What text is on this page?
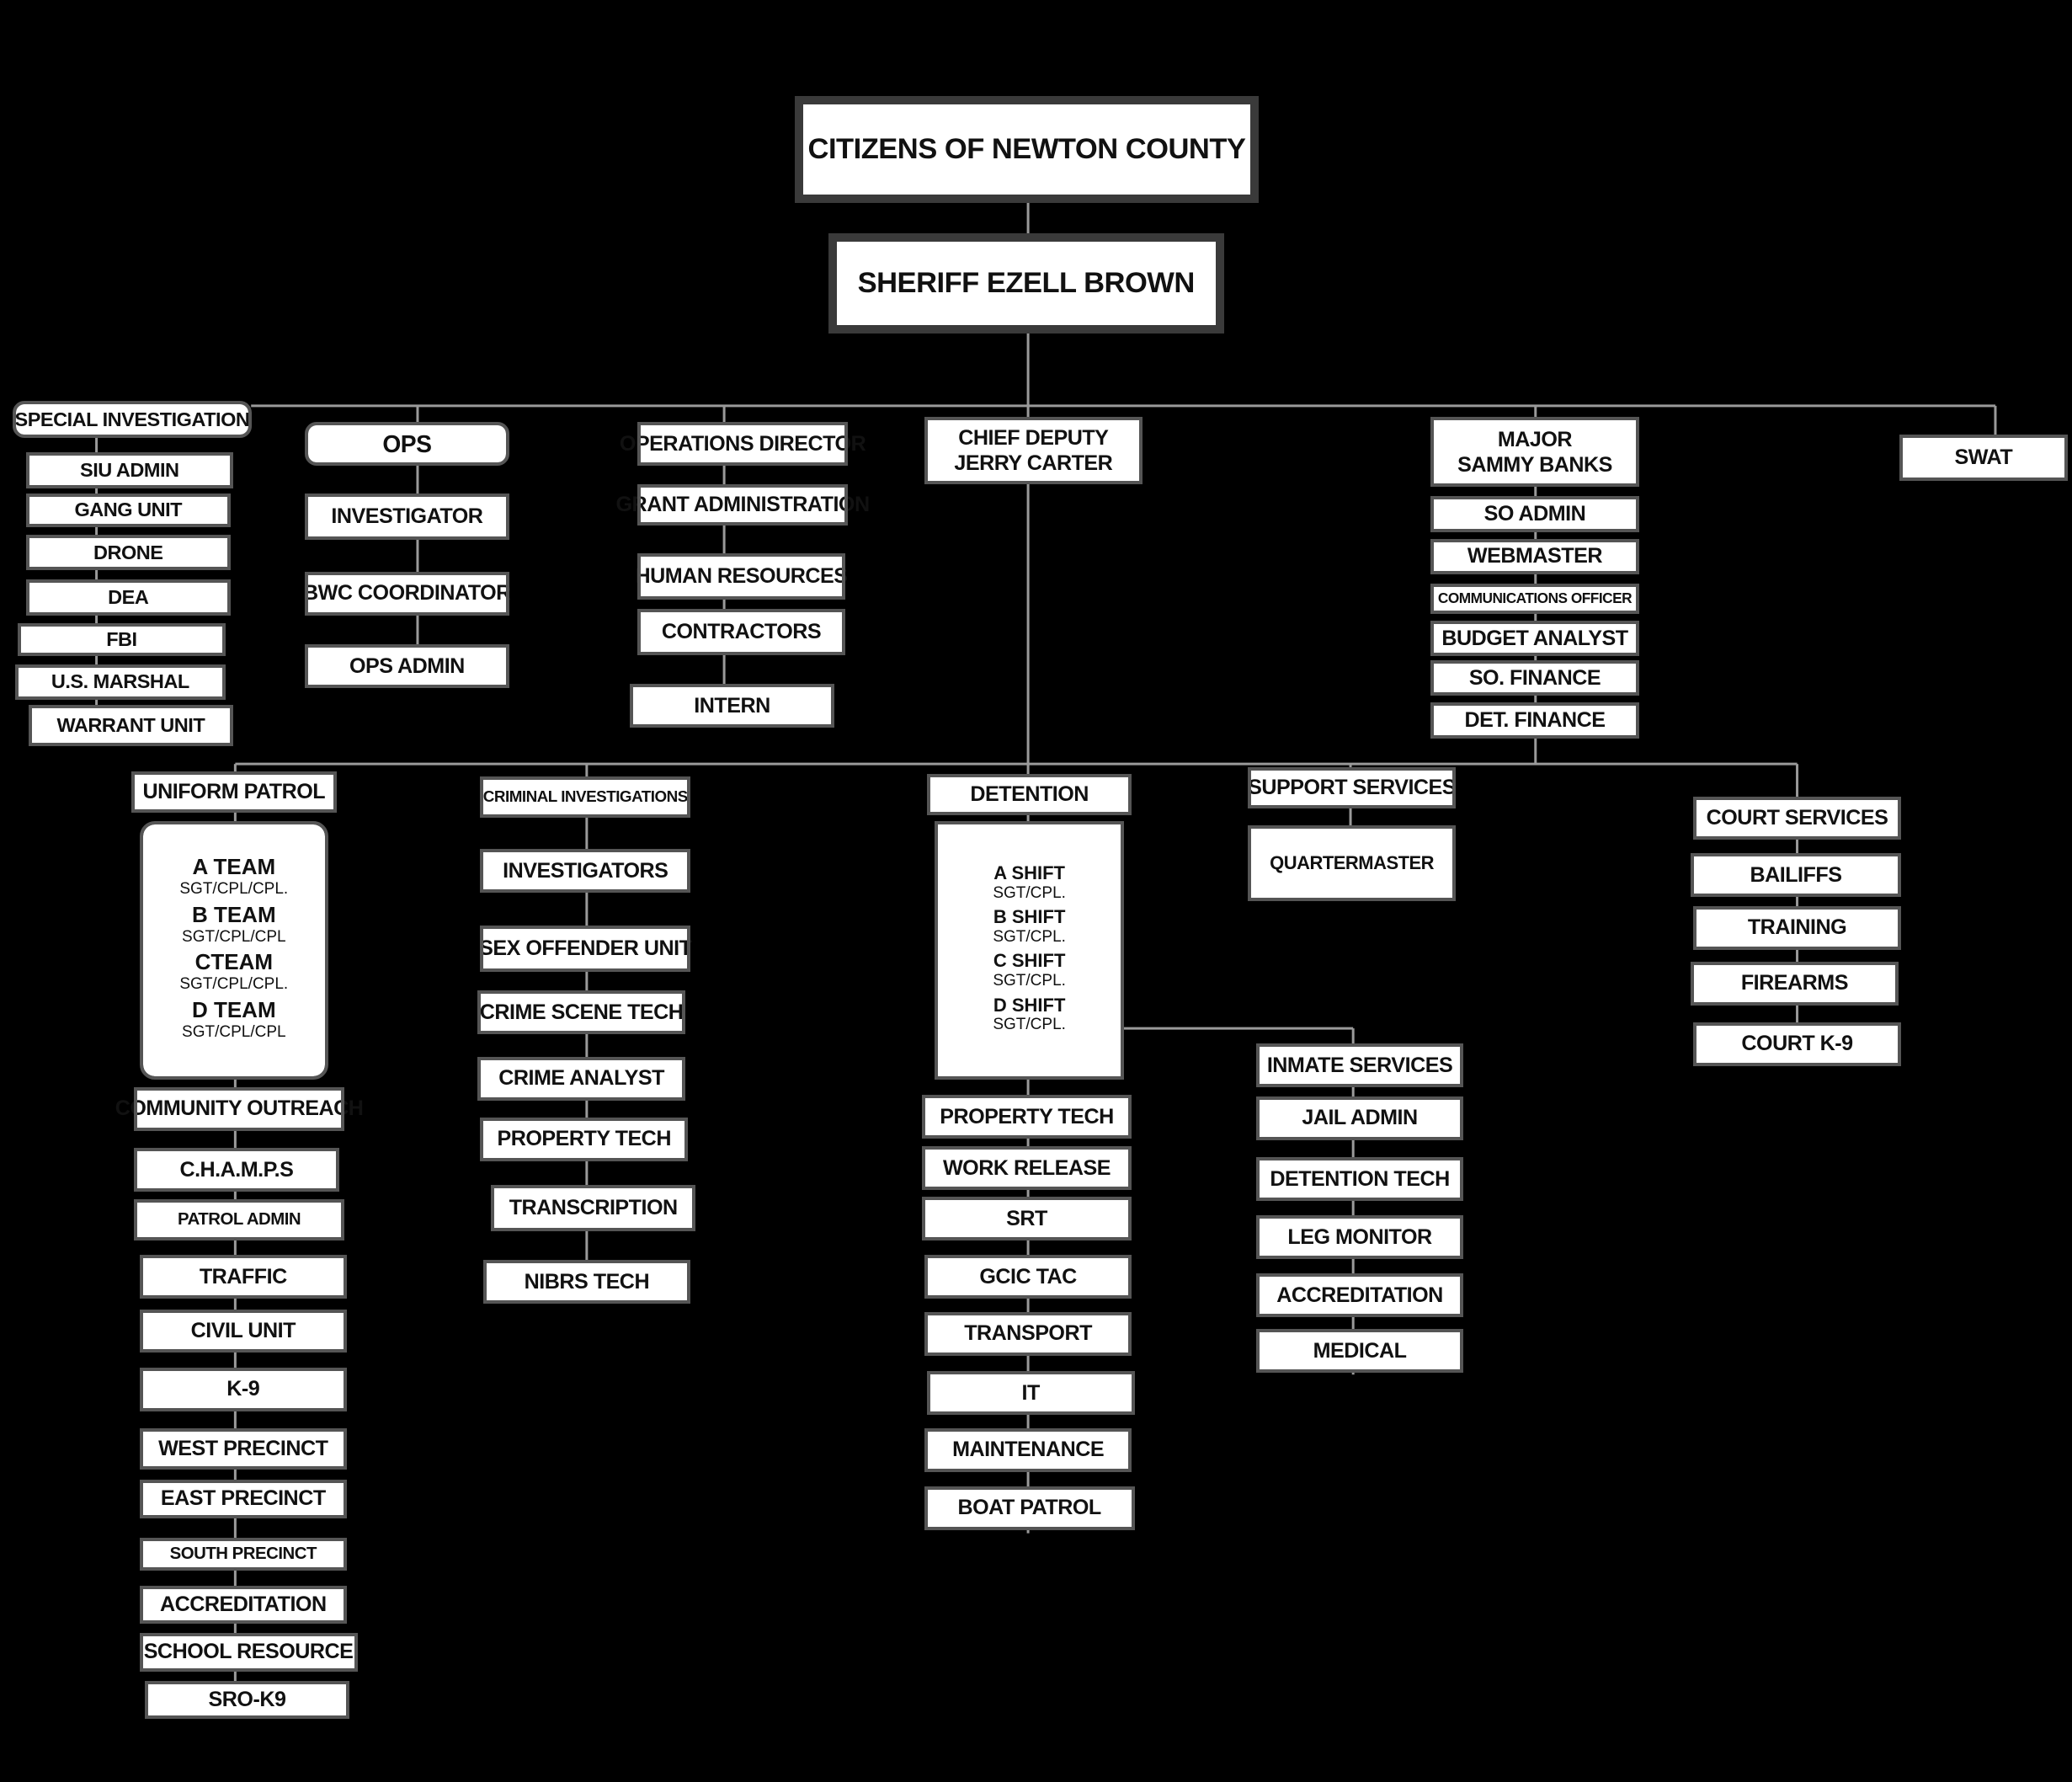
CITIZENS OF NEWTON COUNTY
SHERIFF EZELL BROWN
SPECIAL INVESTIGATION
SIU ADMIN
GANG UNIT
DRONE
DEA
FBI
U.S. MARSHAL
WARRANT UNIT
OPS
INVESTIGATOR
BWC COORDINATOR
OPS ADMIN
OPERATIONS DIRECTOR
GRANT ADMINISTRATION
HUMAN RESOURCES
CONTRACTORS
INTERN
CHIEF DEPUTY
JERRY CARTER
MAJOR
SAMMY BANKS
SO ADMIN
WEBMASTER
COMMUNICATIONS OFFICER
BUDGET ANALYST
SO. FINANCE
DET. FINANCE
SWAT
UNIFORM PATROL
A TEAM
SGT/CPL/CPL.
B TEAM
SGT/CPL/CPL
CTEAM
SGT/CPL/CPL.
D TEAM
SGT/CPL/CPL
COMMUNITY OUTREACH
C.H.A.M.P.S
PATROL ADMIN
TRAFFIC
CIVIL UNIT
K-9
WEST PRECINCT
EAST PRECINCT
SOUTH PRECINCT
ACCREDITATION
SCHOOL RESOURCE
SRO-K9
CRIMINAL INVESTIGATIONS
INVESTIGATORS
SEX OFFENDER UNIT
CRIME SCENE TECH
CRIME ANALYST
PROPERTY TECH
TRANSCRIPTION
NIBRS TECH
DETENTION
A SHIFT
SGT/CPL.
B SHIFT
SGT/CPL.
C SHIFT
SGT/CPL.
D SHIFT
SGT/CPL.
PROPERTY TECH
WORK RELEASE
SRT
GCIC TAC
TRANSPORT
IT
MAINTENANCE
BOAT PATROL
INMATE SERVICES
JAIL ADMIN
DETENTION TECH
LEG MONITOR
ACCREDITATION
MEDICAL
SUPPORT SERVICES
QUARTERMASTER
COURT SERVICES
BAILIFFS
TRAINING
FIREARMS
COURT K-9
